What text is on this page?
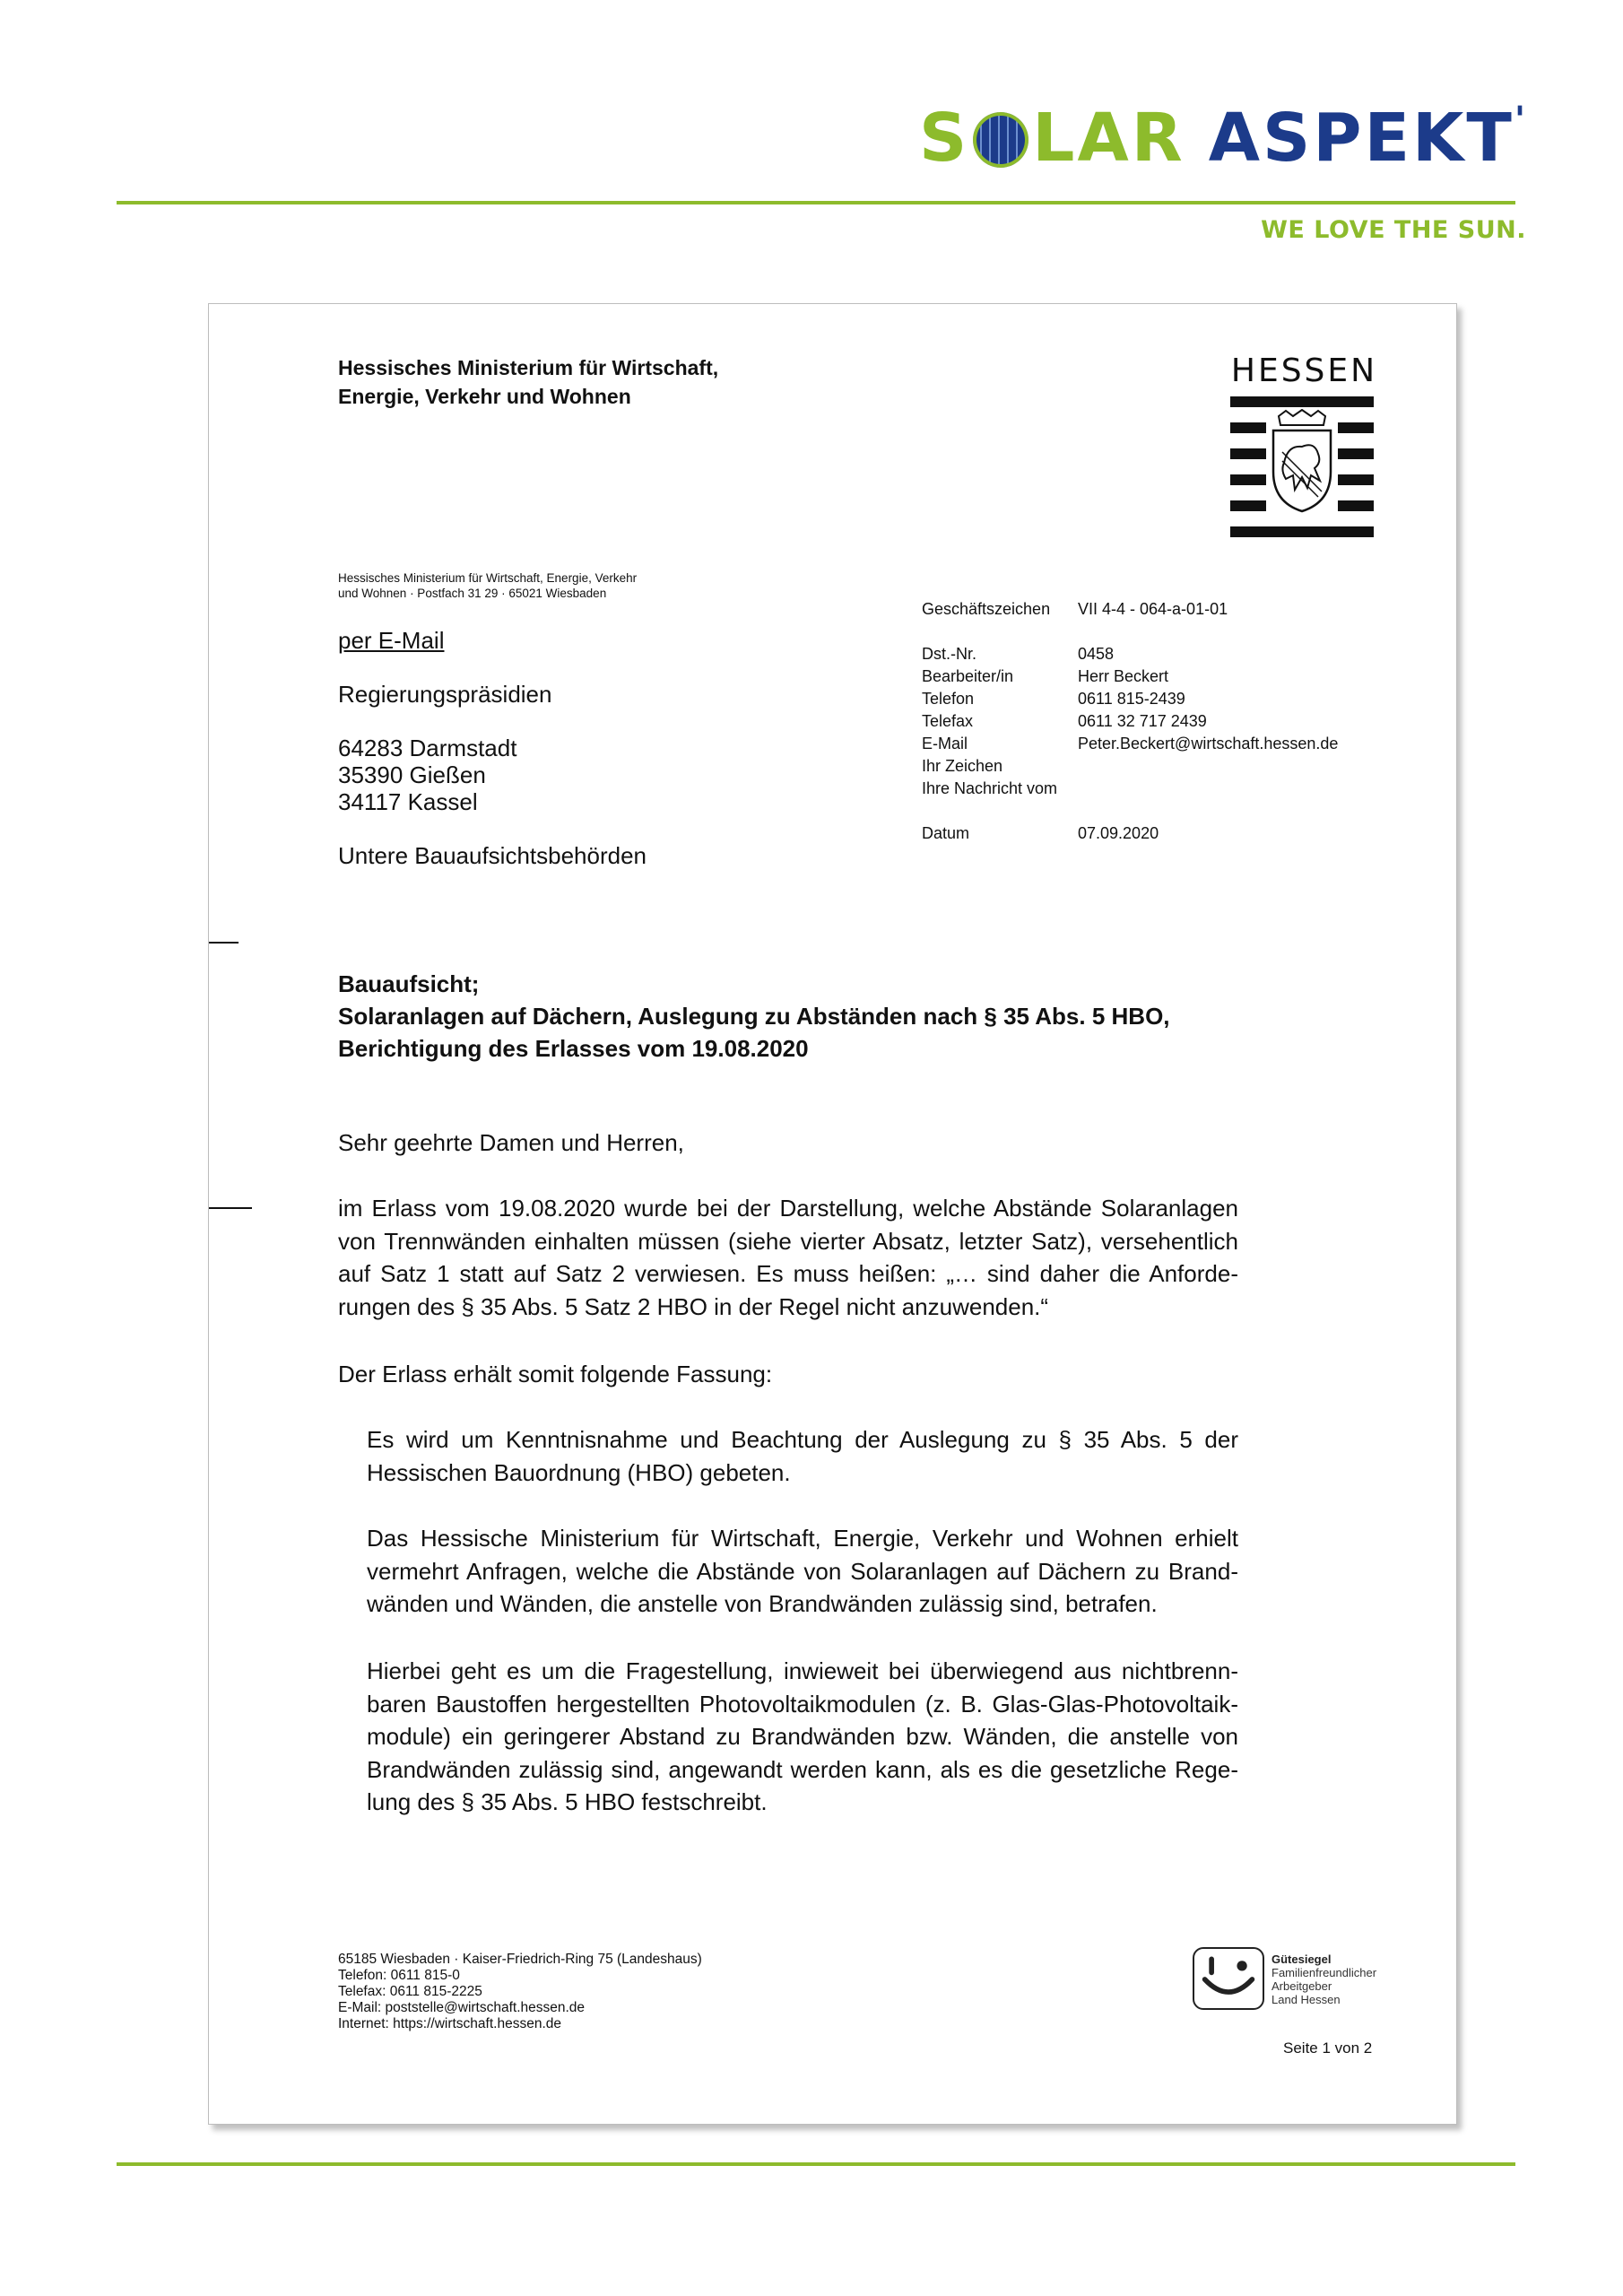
S LAR ASPEKT '
WE LOVE THE SUN.
Hessisches Ministerium für Wirtschaft,
Energie, Verkehr und Wohnen
HESSEN
Hessisches Ministerium für Wirtschaft, Energie, Verkehr
und Wohnen · Postfach 31 29 · 65021 Wiesbaden
per E-Mail
Regierungspräsidien
64283 Darmstadt
35390 Gießen
34117 Kassel
Untere Bauaufsichtsbehörden
Geschäftszeichen VII 4-4 - 064-a-01-01
Dst.-Nr.	0458
Bearbeiter/in	Herr Beckert
Telefon	0611 815-2439
Telefax	0611 32 717 2439
E-Mail	Peter.Beckert@wirtschaft.hessen.de
Ihr Zeichen
Ihre Nachricht vom
Datum	07.09.2020
Bauaufsicht;
Solaranlagen auf Dächern, Auslegung zu Abständen nach § 35 Abs. 5 HBO,
Berichtigung des Erlasses vom 19.08.2020
Sehr geehrte Damen und Herren,
im Erlass vom 19.08.2020 wurde bei der Darstellung, welche Abstände Solaranlagen von Trennwänden einhalten müssen (siehe vierter Absatz, letzter Satz), versehentlich auf Satz 1 statt auf Satz 2 verwiesen. Es muss heißen: „… sind daher die Anforderungen des § 35 Abs. 5 Satz 2 HBO in der Regel nicht anzuwenden.“
Der Erlass erhält somit folgende Fassung:
Es wird um Kenntnisnahme und Beachtung der Auslegung zu § 35 Abs. 5 der Hessischen Bauordnung (HBO) gebeten.
Das Hessische Ministerium für Wirtschaft, Energie, Verkehr und Wohnen erhielt vermehrt Anfragen, welche die Abstände von Solaranlagen auf Dächern zu Brandwänden und Wänden, die anstelle von Brandwänden zulässig sind, betrafen.
Hierbei geht es um die Fragestellung, inwieweit bei überwiegend aus nichtbrennbaren Baustoffen hergestellten Photovoltaikmodulen (z. B. Glas-Glas-Photovoltaikmodule) ein geringerer Abstand zu Brandwänden bzw. Wänden, die anstelle von Brandwänden zulässig sind, angewandt werden kann, als es die gesetzliche Regelung des § 35 Abs. 5 HBO festschreibt.
65185 Wiesbaden · Kaiser-Friedrich-Ring 75 (Landeshaus)
Telefon: 0611 815-0
Telefax: 0611 815-2225
E-Mail: poststelle@wirtschaft.hessen.de
Internet: https://wirtschaft.hessen.de
Gütesiegel
Familienfreundlicher
Arbeitgeber
Land Hessen
Seite 1 von 2
